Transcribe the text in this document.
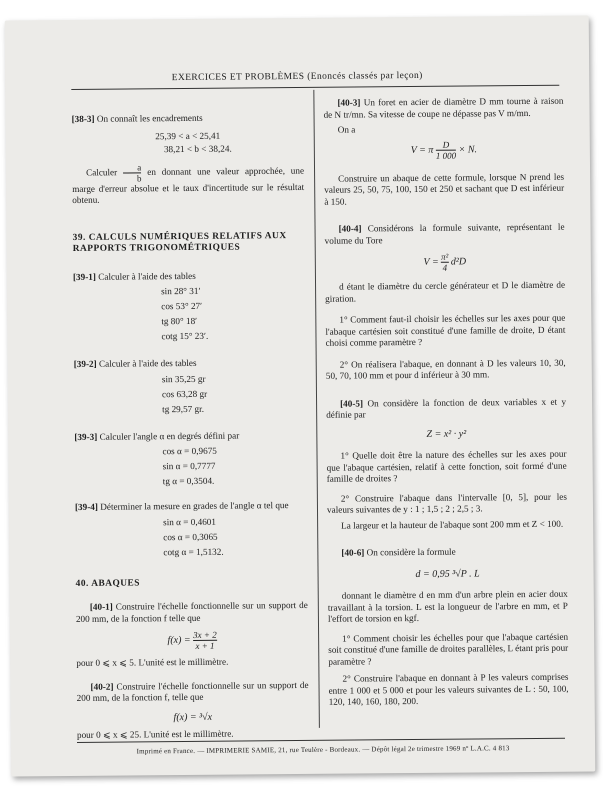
EXERCICES ET PROBLÈMES (Enoncés classés par leçon)

[38-3] On connaît les encadrements

25,39 < a < 25,41

38,21 < b < 38,24.

Calculer $\frac{a}{b}$ en donnant une valeur approchée, une marge d'erreur absolue et le taux d'incertitude sur le résultat obtenu.

39. CALCULS NUMÉRIQUES RELATIFS AUX RAPPORTS TRIGONOMÉTRIQUES

[39-1] Calculer à l'aide des tables

sin 28° 31′
cos 53° 27′
tg 80° 18′
cotg 15° 23′.

[39-2] Calculer à l'aide des tables

sin 35,25 gr
cos 63,28 gr
tg 29,57 gr.

[39-3] Calculer l'angle α en degrés défini par

cos α = 0,9675
sin α = 0,7777
tg α = 0,3504.

[39-4] Déterminer la mesure en grades de l'angle α tel que

sin α = 0,4601
cos α = 0,3065
cotg α = 1,5132.

40. ABAQUES

[40-1] Construire l'échelle fonctionnelle sur un support de 200 mm, de la fonction f telle que

$f(x) = \frac{3x + 2}{x + 1}$

pour 0 ⩽ x ⩽ 5. L'unité est le millimètre.

[40-2] Construire l'échelle fonctionnelle sur un support de 200 mm, de la fonction f, telle que

f(x) = ³√x

pour 0 ⩽ x ⩽ 25. L'unité est le millimètre.

[40-3] Un foret en acier de diamètre D mm tourne à raison de N tr/mn. Sa vitesse de coupe ne dépasse pas V m/mn.

On a

V = π $\frac{D}{1 000} \times N$.

Construire un abaque de cette formule, lorsque N prend les valeurs 25, 50, 75, 100, 150 et 250 et sachant que D est inférieur à 150.

[40-4] Considérons la formule suivante, représentant le volume du Tore

$V = \frac{\text{π²}}{4} d^2D$

d étant le diamètre du cercle générateur et D le diamètre de giration.

1° Comment faut-il choisir les échelles sur les axes pour que l'abaque cartésien soit constitué d'une famille de droite, D étant choisi comme paramètre ?

2° On réalisera l'abaque, en donnant à D les valeurs 10, 30, 50, 70, 100 mm et pour d inférieur à 30 mm.

[40-5] On considère la fonction de deux variables x et y définie par

Z = x² · y²

1° Quelle doit être la nature des échelles sur les axes pour que l'abaque cartésien, relatif à cette fonction, soit formé d'une famille de droites ?

2° Construire l'abaque dans l'intervalle [0, 5], pour les valeurs suivantes de y : 1 ; 1,5 ; 2 ; 2,5 ; 3.

La largeur et la hauteur de l'abaque sont 200 mm et Z < 100.

[40-6] On considère la formule

d = 0,95 ³√P . L

donnant le diamètre d en mm d'un arbre plein en acier doux travaillant à la torsion. L est la longueur de l'arbre en mm, et P l'effort de torsion en kgf.

1° Comment choisir les échelles pour que l'abaque cartésien soit constitué d'une famille de droites parallèles, L étant pris pour paramètre ?

2° Construire l'abaque en donnant à P les valeurs comprises entre 1 000 et 5 000 et pour les valeurs suivantes de L : 50, 100, 120, 140, 160, 180, 200.

Imprimé en France. — IMPRIMERIE SAMIE, 21, rue Teulère - Bordeaux. — Dépôt légal 2e trimestre 1969 nº L.A.C. 4 813
